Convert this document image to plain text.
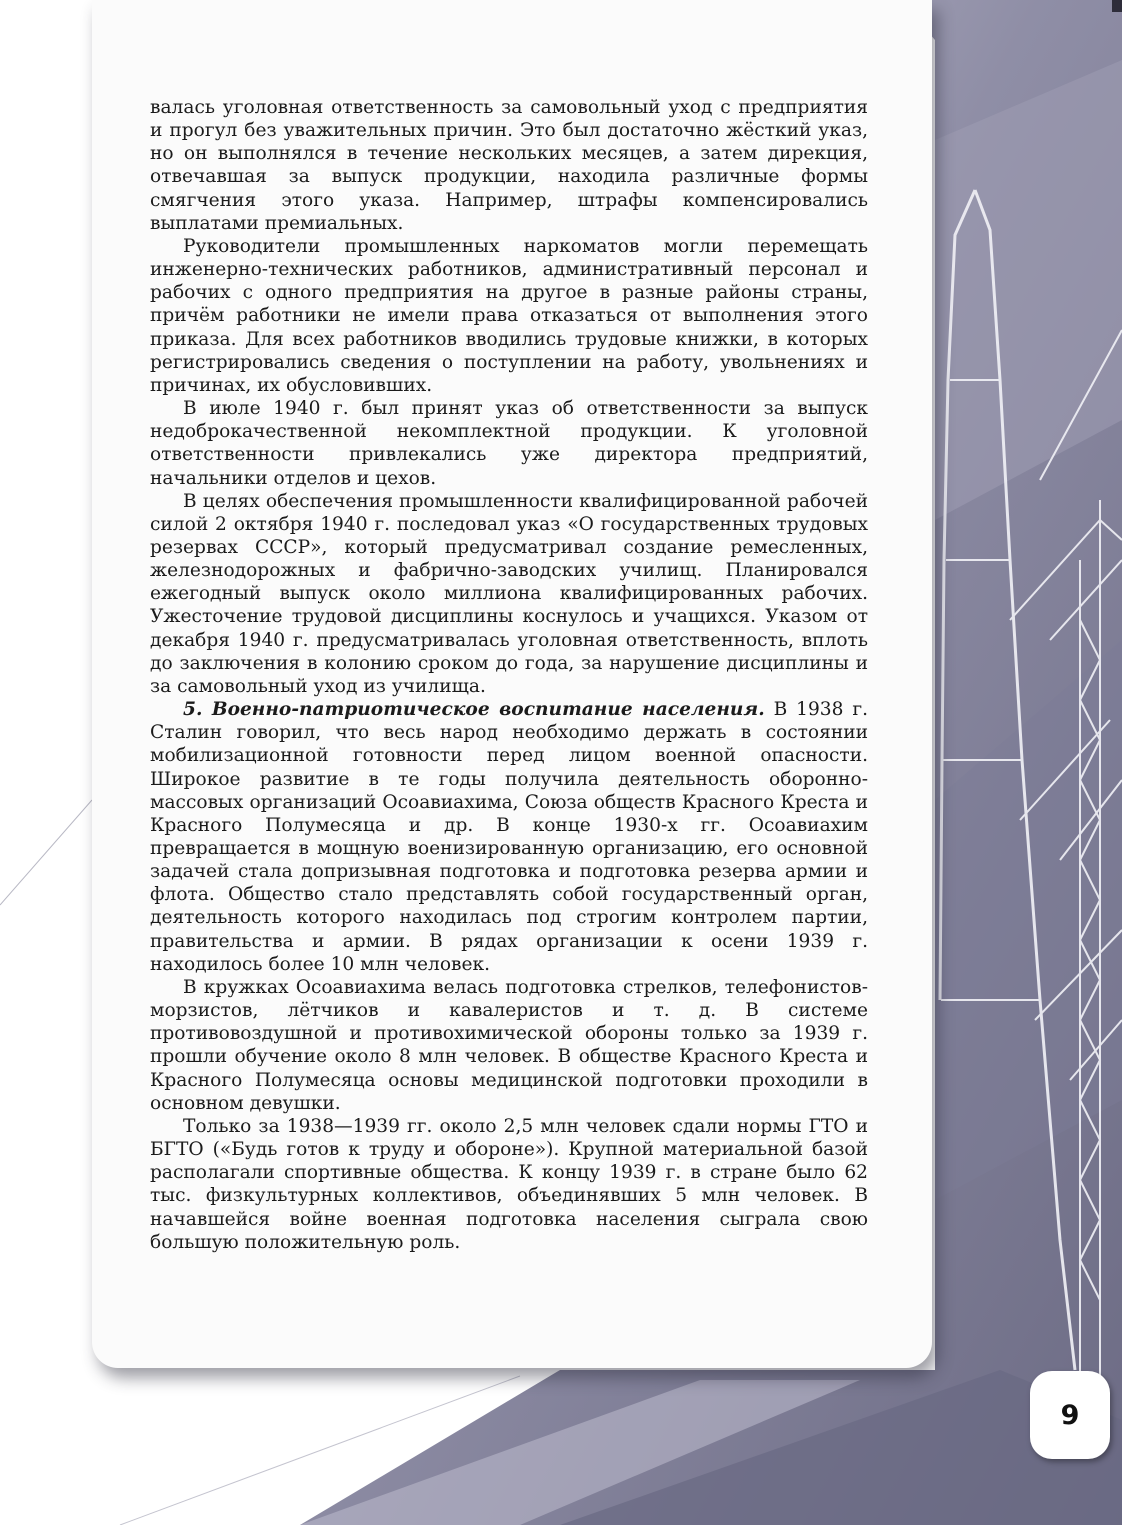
валась уголовная ответственность за самовольный уход с предприятия и прогул без уважительных причин. Это был достаточно жёсткий указ, но он выполнялся в течение нескольких месяцев, а затем дирекция, отвечавшая за выпуск продукции, находила различные формы смягчения этого указа. Например, штрафы компенсировались выплатами премиальных.

Руководители промышленных наркоматов могли перемещать инженерно-технических работников, административный персонал и рабочих с одного предприятия на другое в разные районы страны, причём работники не имели права отказаться от выполнения этого приказа. Для всех работников вводились трудовые книжки, в которых регистрировались сведения о поступлении на работу, увольнениях и причинах, их обусловивших.

В июле 1940 г. был принят указ об ответственности за выпуск недоброкачественной некомплектной продукции. К уголовной ответственности привлекались уже директора предприятий, начальники отделов и цехов.

В целях обеспечения промышленности квалифицированной рабочей силой 2 октября 1940 г. последовал указ «О государственных трудовых резервах СССР», который предусматривал создание ремесленных, железнодорожных и фабрично-заводских училищ. Планировался ежегодный выпуск около миллиона квалифицированных рабочих. Ужесточение трудовой дисциплины коснулось и учащихся. Указом от декабря 1940 г. предусматривалась уголовная ответственность, вплоть до заключения в колонию сроком до года, за нарушение дисциплины и за самовольный уход из училища.

5. Военно-патриотическое воспитание населения. В 1938 г. Сталин говорил, что весь народ необходимо держать в состоянии мобилизационной готовности перед лицом военной опасности. Широкое развитие в те годы получила деятельность оборонно-массовых организаций Осоавиахима, Союза обществ Красного Креста и Красного Полумесяца и др. В конце 1930-х гг. Осоавиахим превращается в мощную военизированную организацию, его основной задачей стала допризывная подготовка и подготовка резерва армии и флота. Общество стало представлять собой государственный орган, деятельность которого находилась под строгим контролем партии, правительства и армии. В рядах организации к осени 1939 г. находилось более 10 млн человек.

В кружках Осоавиахима велась подготовка стрелков, телефонистов-морзистов, лётчиков и кавалеристов и т. д. В системе противовоздушной и противохимической обороны только за 1939 г. прошли обучение около 8 млн человек. В обществе Красного Креста и Красного Полумесяца основы медицинской подготовки проходили в основном девушки.

Только за 1938—1939 гг. около 2,5 млн человек сдали нормы ГТО и БГТО («Будь готов к труду и обороне»). Крупной материальной базой располагали спортивные общества. К концу 1939 г. в стране было 62 тыс. физкультурных коллективов, объединявших 5 млн человек. В начавшейся войне военная подготовка населения сыграла свою большую положительную роль.

9
